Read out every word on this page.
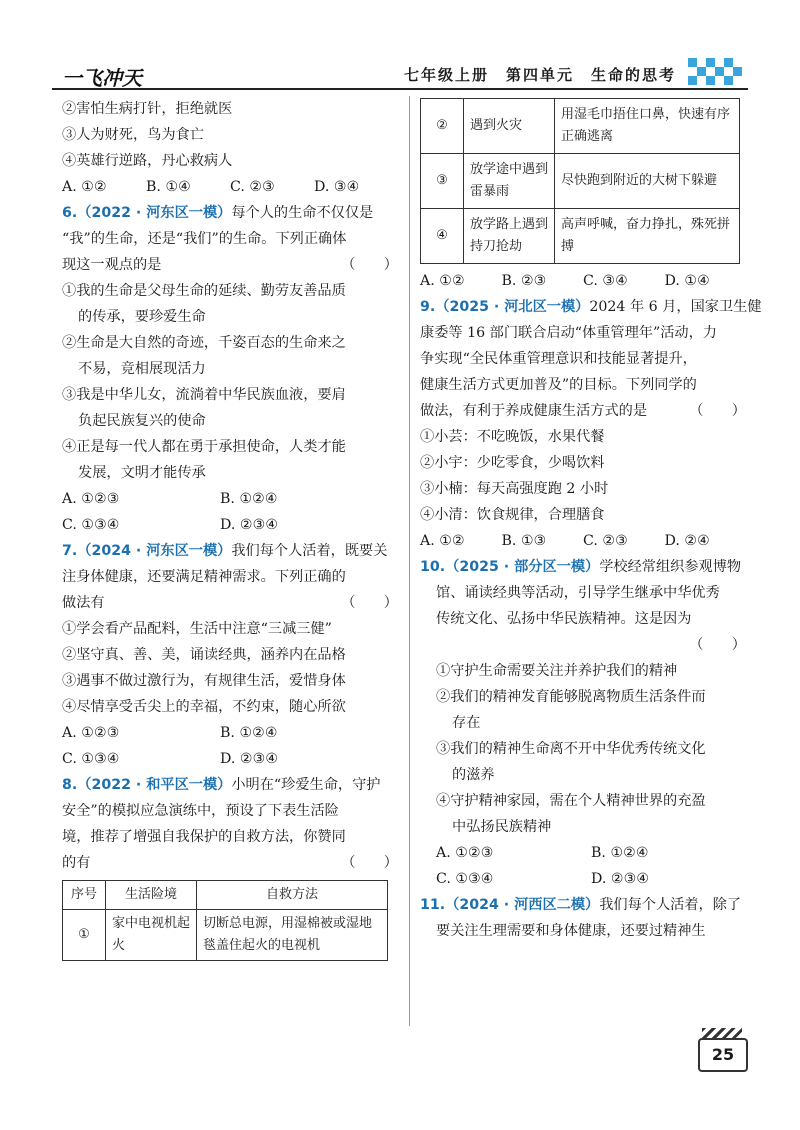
一飞冲天	七年级上册　第四单元　生命的思考
②害怕生病打针，拒绝就医
③人为财死，鸟为食亡
④英雄行逆路，丹心救病人
A. ①②	B. ①④	C. ②③	D. ③④
6.（2022 · 河东区一模）每个人的生命不仅仅是
“我”的生命，还是“我们”的生命。下列正确体
现这一观点的是	（　　）
①我的生命是父母生命的延续、勤劳友善品质
的传承，要珍爱生命
②生命是大自然的奇迹，千姿百态的生命来之
不易，竞相展现活力
③我是中华儿女，流淌着中华民族血液，要肩
负起民族复兴的使命
④正是每一代人都在勇于承担使命，人类才能
发展，文明才能传承
A. ①②③	B. ①②④
C. ①③④	D. ②③④
7.（2024 · 河东区一模）我们每个人活着，既要关
注身体健康，还要满足精神需求。下列正确的
做法有	（　　）
①学会看产品配料，生活中注意“三减三健”
②坚守真、善、美，诵读经典，涵养内在品格
③遇事不做过激行为，有规律生活，爱惜身体
④尽情享受舌尖上的幸福，不约束，随心所欲
A. ①②③	B. ①②④
C. ①③④	D. ②③④
8.（2022 · 和平区一模）小明在“珍爱生命，守护
安全”的模拟应急演练中，预设了下表生活险
境，推荐了增强自我保护的自救方法，你赞同
的有	（　　）
序号	生活险境	自救方法
①	家中电视机起火	切断总电源，用湿棉被或湿地毯盖住起火的电视机
②	遇到火灾	用湿毛巾捂住口鼻，快速有序正确逃离
③	放学途中遇到雷暴雨	尽快跑到附近的大树下躲避
④	放学路上遇到持刀抢劫	高声呼喊，奋力挣扎，殊死拼搏
A. ①②	B. ②③	C. ③④	D. ①④
9.（2025 · 河北区一模）2024 年 6 月，国家卫生健
康委等 16 部门联合启动“体重管理年”活动，力
争实现“全民体重管理意识和技能显著提升，
健康生活方式更加普及”的目标。下列同学的
做法，有利于养成健康生活方式的是	（　　）
①小芸：不吃晚饭，水果代餐
②小宇：少吃零食，少喝饮料
③小楠：每天高强度跑 2 小时
④小清：饮食规律，合理膳食
A. ①②	B. ①③	C. ②③	D. ②④
10.（2025 · 部分区一模）学校经常组织参观博物
馆、诵读经典等活动，引导学生继承中华优秀
传统文化、弘扬中华民族精神。这是因为
（　　）
①守护生命需要关注并养护我们的精神
②我们的精神发育能够脱离物质生活条件而
存在
③我们的精神生命离不开中华优秀传统文化
的滋养
④守护精神家园，需在个人精神世界的充盈
中弘扬民族精神
A. ①②③	B. ①②④
C. ①③④	D. ②③④
11.（2024 · 河西区二模）我们每个人活着，除了
要关注生理需要和身体健康，还要过精神生
25
